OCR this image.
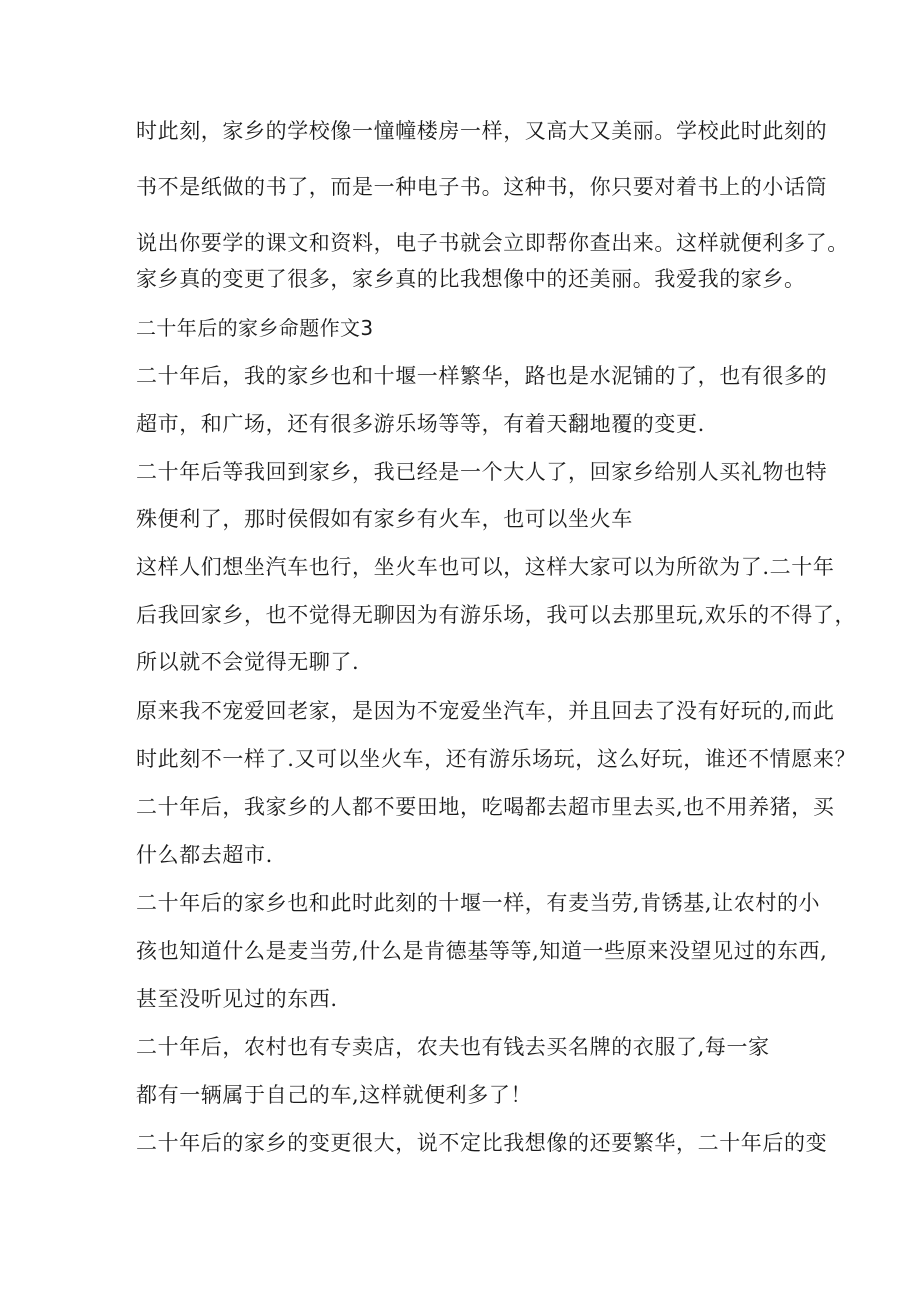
时此刻，家乡的学校像一憧幢楼房一样，又高大又美丽。学校此时此刻的
书不是纸做的书了，而是一种电子书。这种书，你只要对着书上的小话筒
说出你要学的课文和资料，电子书就会立即帮你查出来。这样就便利多了。
家乡真的变更了很多，家乡真的比我想像中的还美丽。我爱我的家乡。
二十年后的家乡命题作文3
二十年后，我的家乡也和十堰一样繁华，路也是水泥铺的了，也有很多的
超市，和广场，还有很多游乐场等等，有着天翻地覆的变更.
二十年后等我回到家乡，我已经是一个大人了，回家乡给别人买礼物也特
殊便利了，那时侯假如有家乡有火车，也可以坐火车
这样人们想坐汽车也行，坐火车也可以，这样大家可以为所欲为了.二十年
后我回家乡，也不觉得无聊因为有游乐场，我可以去那里玩,欢乐的不得了，
所以就不会觉得无聊了.
原来我不宠爱回老家，是因为不宠爱坐汽车，并且回去了没有好玩的,而此
时此刻不一样了.又可以坐火车，还有游乐场玩，这么好玩，谁还不情愿来？
二十年后，我家乡的人都不要田地，吃喝都去超市里去买,也不用养猪，买
什么都去超市.
二十年后的家乡也和此时此刻的十堰一样，有麦当劳,肯锈基,让农村的小
孩也知道什么是麦当劳,什么是肯德基等等,知道一些原来没望见过的东西,
甚至没听见过的东西.
二十年后，农村也有专卖店，农夫也有钱去买名牌的衣服了,每一家
都有一辆属于自己的车,这样就便利多了！
二十年后的家乡的变更很大，说不定比我想像的还要繁华，二十年后的变
